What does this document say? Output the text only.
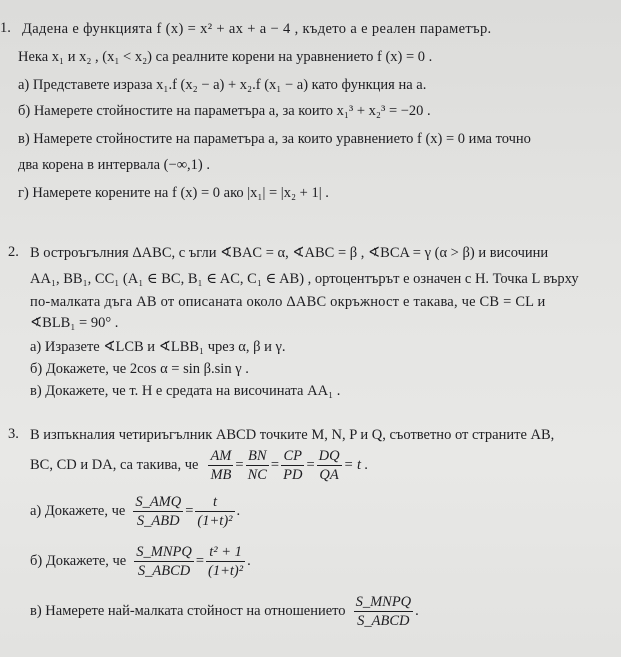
1. Дадена е функцията f (x) = x² + ax + a − 4 , където a е реален параметър.
Нека x₁ и x₂ , (x₁ < x₂) са реалните корени на уравнението f (x) = 0 .
а) Представете израза x₁.f (x₂ − a) + x₂.f (x₁ − a) като функция на a.
б) Намерете стойностите на параметъра a, за които x₁³ + x₂³ = −20 .
в) Намерете стойностите на параметъра a, за които уравнението f (x) = 0 има точно
два корена в интервала (−∞,1) .
г) Намерете корените на f (x) = 0 ако |x₁| = |x₂ + 1| .
2. В остроъгълния ΔABC, с ъгли ∢BAC = α, ∢ABC = β , ∢BCA = γ (α > β) и височини
AA₁, BB₁, CC₁ (A₁ ∈ BC, B₁ ∈ AC, C₁ ∈ AB) , ортоцентърът е означен с H. Точка L върху
по-малката дъга AB от описаната около ΔABC окръжност е такава, че CB = CL и
∢BLB₁ = 90° .
а) Изразете ∢LCB и ∢LBB₁ чрез α, β и γ.
б) Докажете, че 2cos α = sin β.sin γ .
в) Докажете, че т. H е средата на височината AA₁ .
3. В изпъкналия четириъгълник ABCD точките M, N, P и Q, съответно от страните AB,
BC, CD и DA, са такива, че $\frac{AM}{MB} = \frac{BN}{NC} = \frac{CP}{PD} = \frac{DQ}{QA} = t$ .
а) Докажете, че $\frac{\text{S\_AMQ}}{\text{S\_ABD}} = \frac{t}{\text{(1+t)²}}$ .
б) Докажете, че $\frac{\text{S\_MNPQ}}{\text{S\_ABCD}} = \frac{\text{t² + 1}}{\text{(1+t)²}}$ .
в) Намерете най-малката стойност на отношението $\frac{\text{S\_MNPQ}}{\text{S\_ABCD}}$ .
